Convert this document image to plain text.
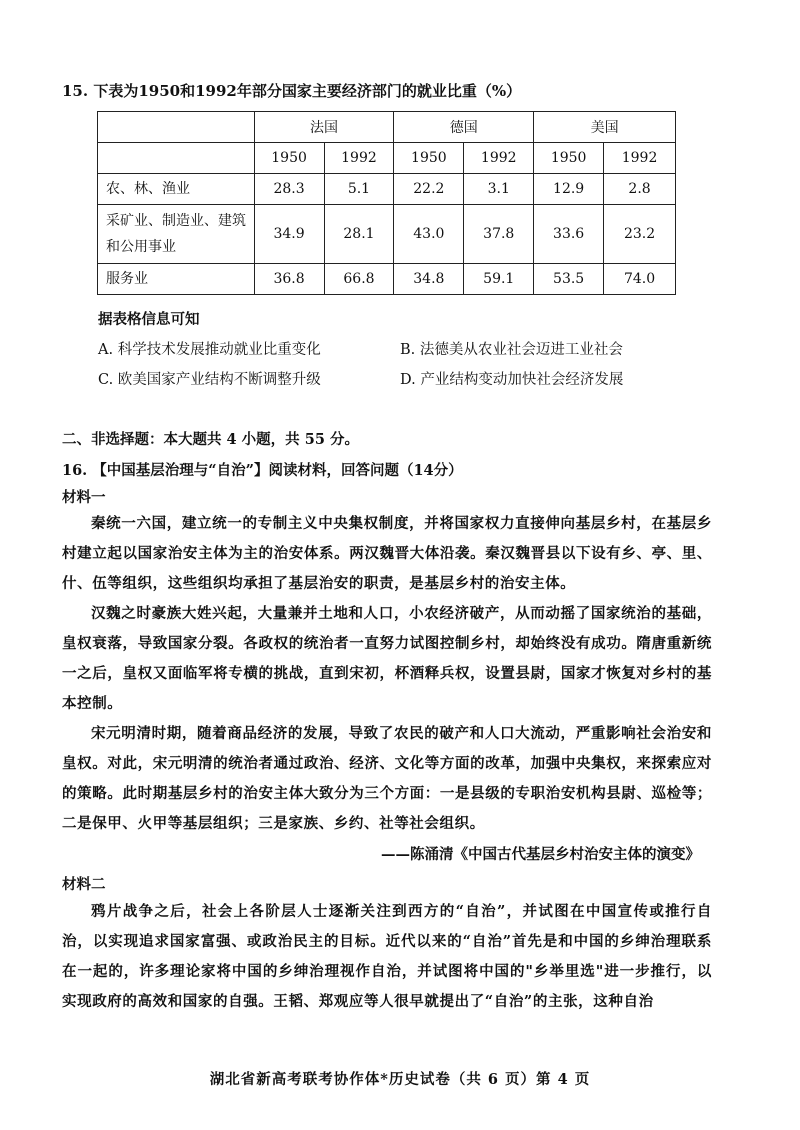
15. 下表为1950和1992年部分国家主要经济部门的就业比重（%）
	法国		德国		美国	
	1950	1992	1950	1992	1950	1992
农、林、渔业	28.3	5.1	22.2	3.1	12.9	2.8
采矿业、制造业、建筑和公用事业	34.9	28.1	43.0	37.8	33.6	23.2
服务业	36.8	66.8	34.8	59.1	53.5	74.0
据表格信息可知
A. 科学技术发展推动就业比重变化	B. 法德美从农业社会迈进工业社会
C. 欧美国家产业结构不断调整升级	D. 产业结构变动加快社会经济发展
二、非选择题：本大题共 4 小题，共 55 分。
16. 【中国基层治理与“自治”】阅读材料，回答问题（14分）
材料一

秦统一六国，建立统一的专制主义中央集权制度，并将国家权力直接伸向基层乡村，在基层乡村建立起以国家治安主体为主的治安体系。两汉魏晋大体沿袭。秦汉魏晋县以下设有乡、亭、里、什、伍等组织，这些组织均承担了基层治安的职责，是基层乡村的治安主体。

汉魏之时豪族大姓兴起，大量兼并土地和人口，小农经济破产，从而动摇了国家统治的基础，皇权衰落，导致国家分裂。各政权的统治者一直努力试图控制乡村，却始终没有成功。隋唐重新统一之后，皇权又面临军将专横的挑战，直到宋初，杯酒释兵权，设置县尉，国家才恢复对乡村的基本控制。

宋元明清时期，随着商品经济的发展，导致了农民的破产和人口大流动，严重影响社会治安和皇权。对此，宋元明清的统治者通过政治、经济、文化等方面的改革，加强中央集权，来探索应对的策略。此时期基层乡村的治安主体大致分为三个方面：一是县级的专职治安机构县尉、巡检等；二是保甲、火甲等基层组织；三是家族、乡约、社等社会组织。

——陈涌清《中国古代基层乡村治安主体的演变》
材料二

鸦片战争之后，社会上各阶层人士逐渐关注到西方的“自治”，并试图在中国宣传或推行自治，以实现追求国家富强、或政治民主的目标。近代以来的“自治”首先是和中国的乡绅治理联系在一起的，许多理论家将中国的乡绅治理视作自治，并试图将中国的"乡举里选"进一步推行，以实现政府的高效和国家的自强。王韬、郑观应等人很早就提出了“自治”的主张，这种自治

湖北省新高考联考协作体*历史试卷（共 6 页）第 4 页
